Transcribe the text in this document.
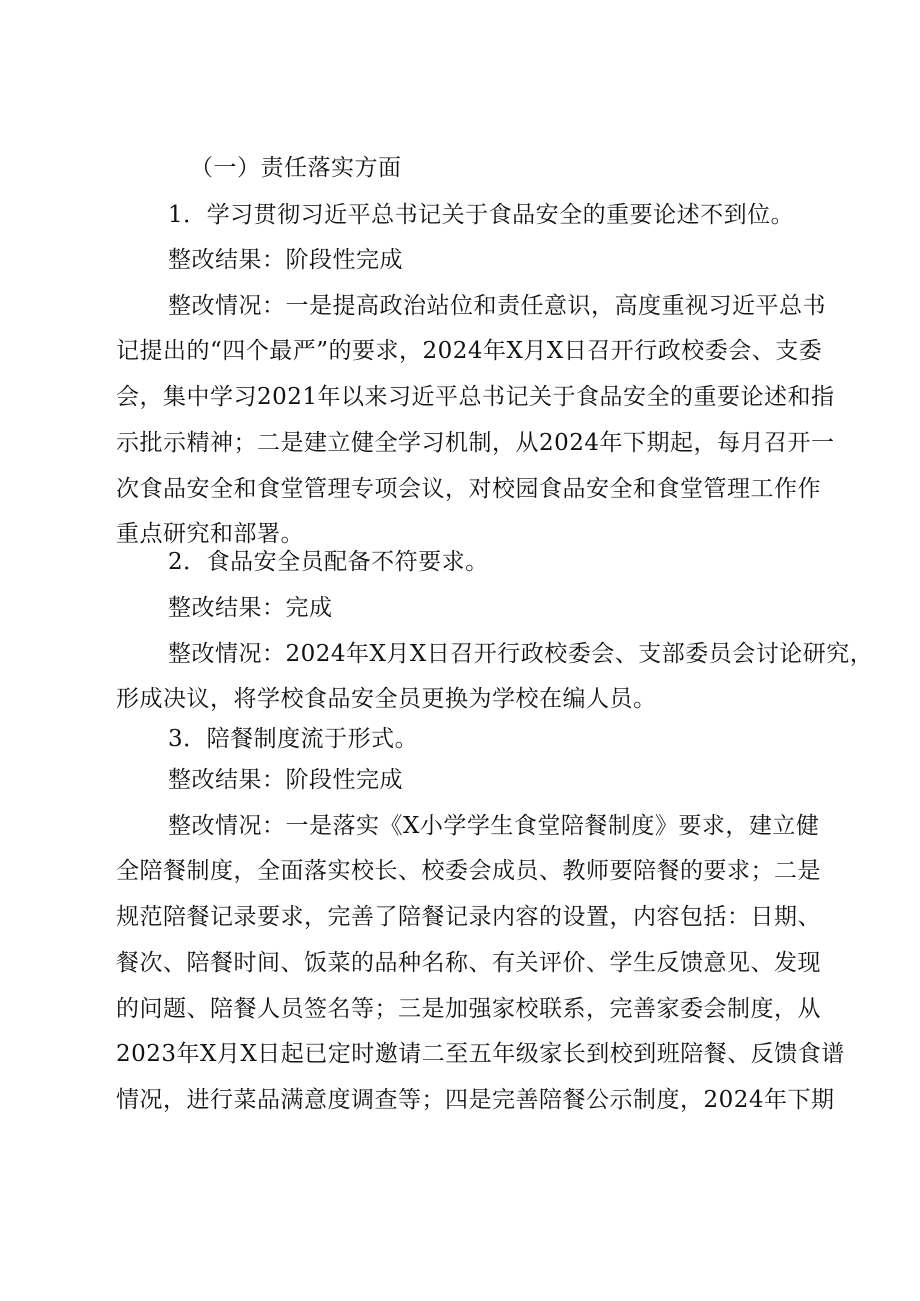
（一）责任落实方面
1．学习贯彻习近平总书记关于食品安全的重要论述不到位。
整改结果：阶段性完成
整改情况：一是提高政治站位和责任意识，高度重视习近平总书
记提出的“四个最严”的要求，2024年X月X日召开行政校委会、支委
会，集中学习2021年以来习近平总书记关于食品安全的重要论述和指
示批示精神；二是建立健全学习机制，从2024年下期起，每月召开一
次食品安全和食堂管理专项会议，对校园食品安全和食堂管理工作作
重点研究和部署。
2．食品安全员配备不符要求。
整改结果：完成
整改情况：2024年X月X日召开行政校委会、支部委员会讨论研究，
形成决议，将学校食品安全员更换为学校在编人员。
3．陪餐制度流于形式。
整改结果：阶段性完成
整改情况：一是落实《X小学学生食堂陪餐制度》要求，建立健
全陪餐制度，全面落实校长、校委会成员、教师要陪餐的要求；二是
规范陪餐记录要求，完善了陪餐记录内容的设置，内容包括：日期、
餐次、陪餐时间、饭菜的品种名称、有关评价、学生反馈意见、发现
的问题、陪餐人员签名等；三是加强家校联系，完善家委会制度，从
2023年X月X日起已定时邀请二至五年级家长到校到班陪餐、反馈食谱
情况，进行菜品满意度调查等；四是完善陪餐公示制度，2024年下期
